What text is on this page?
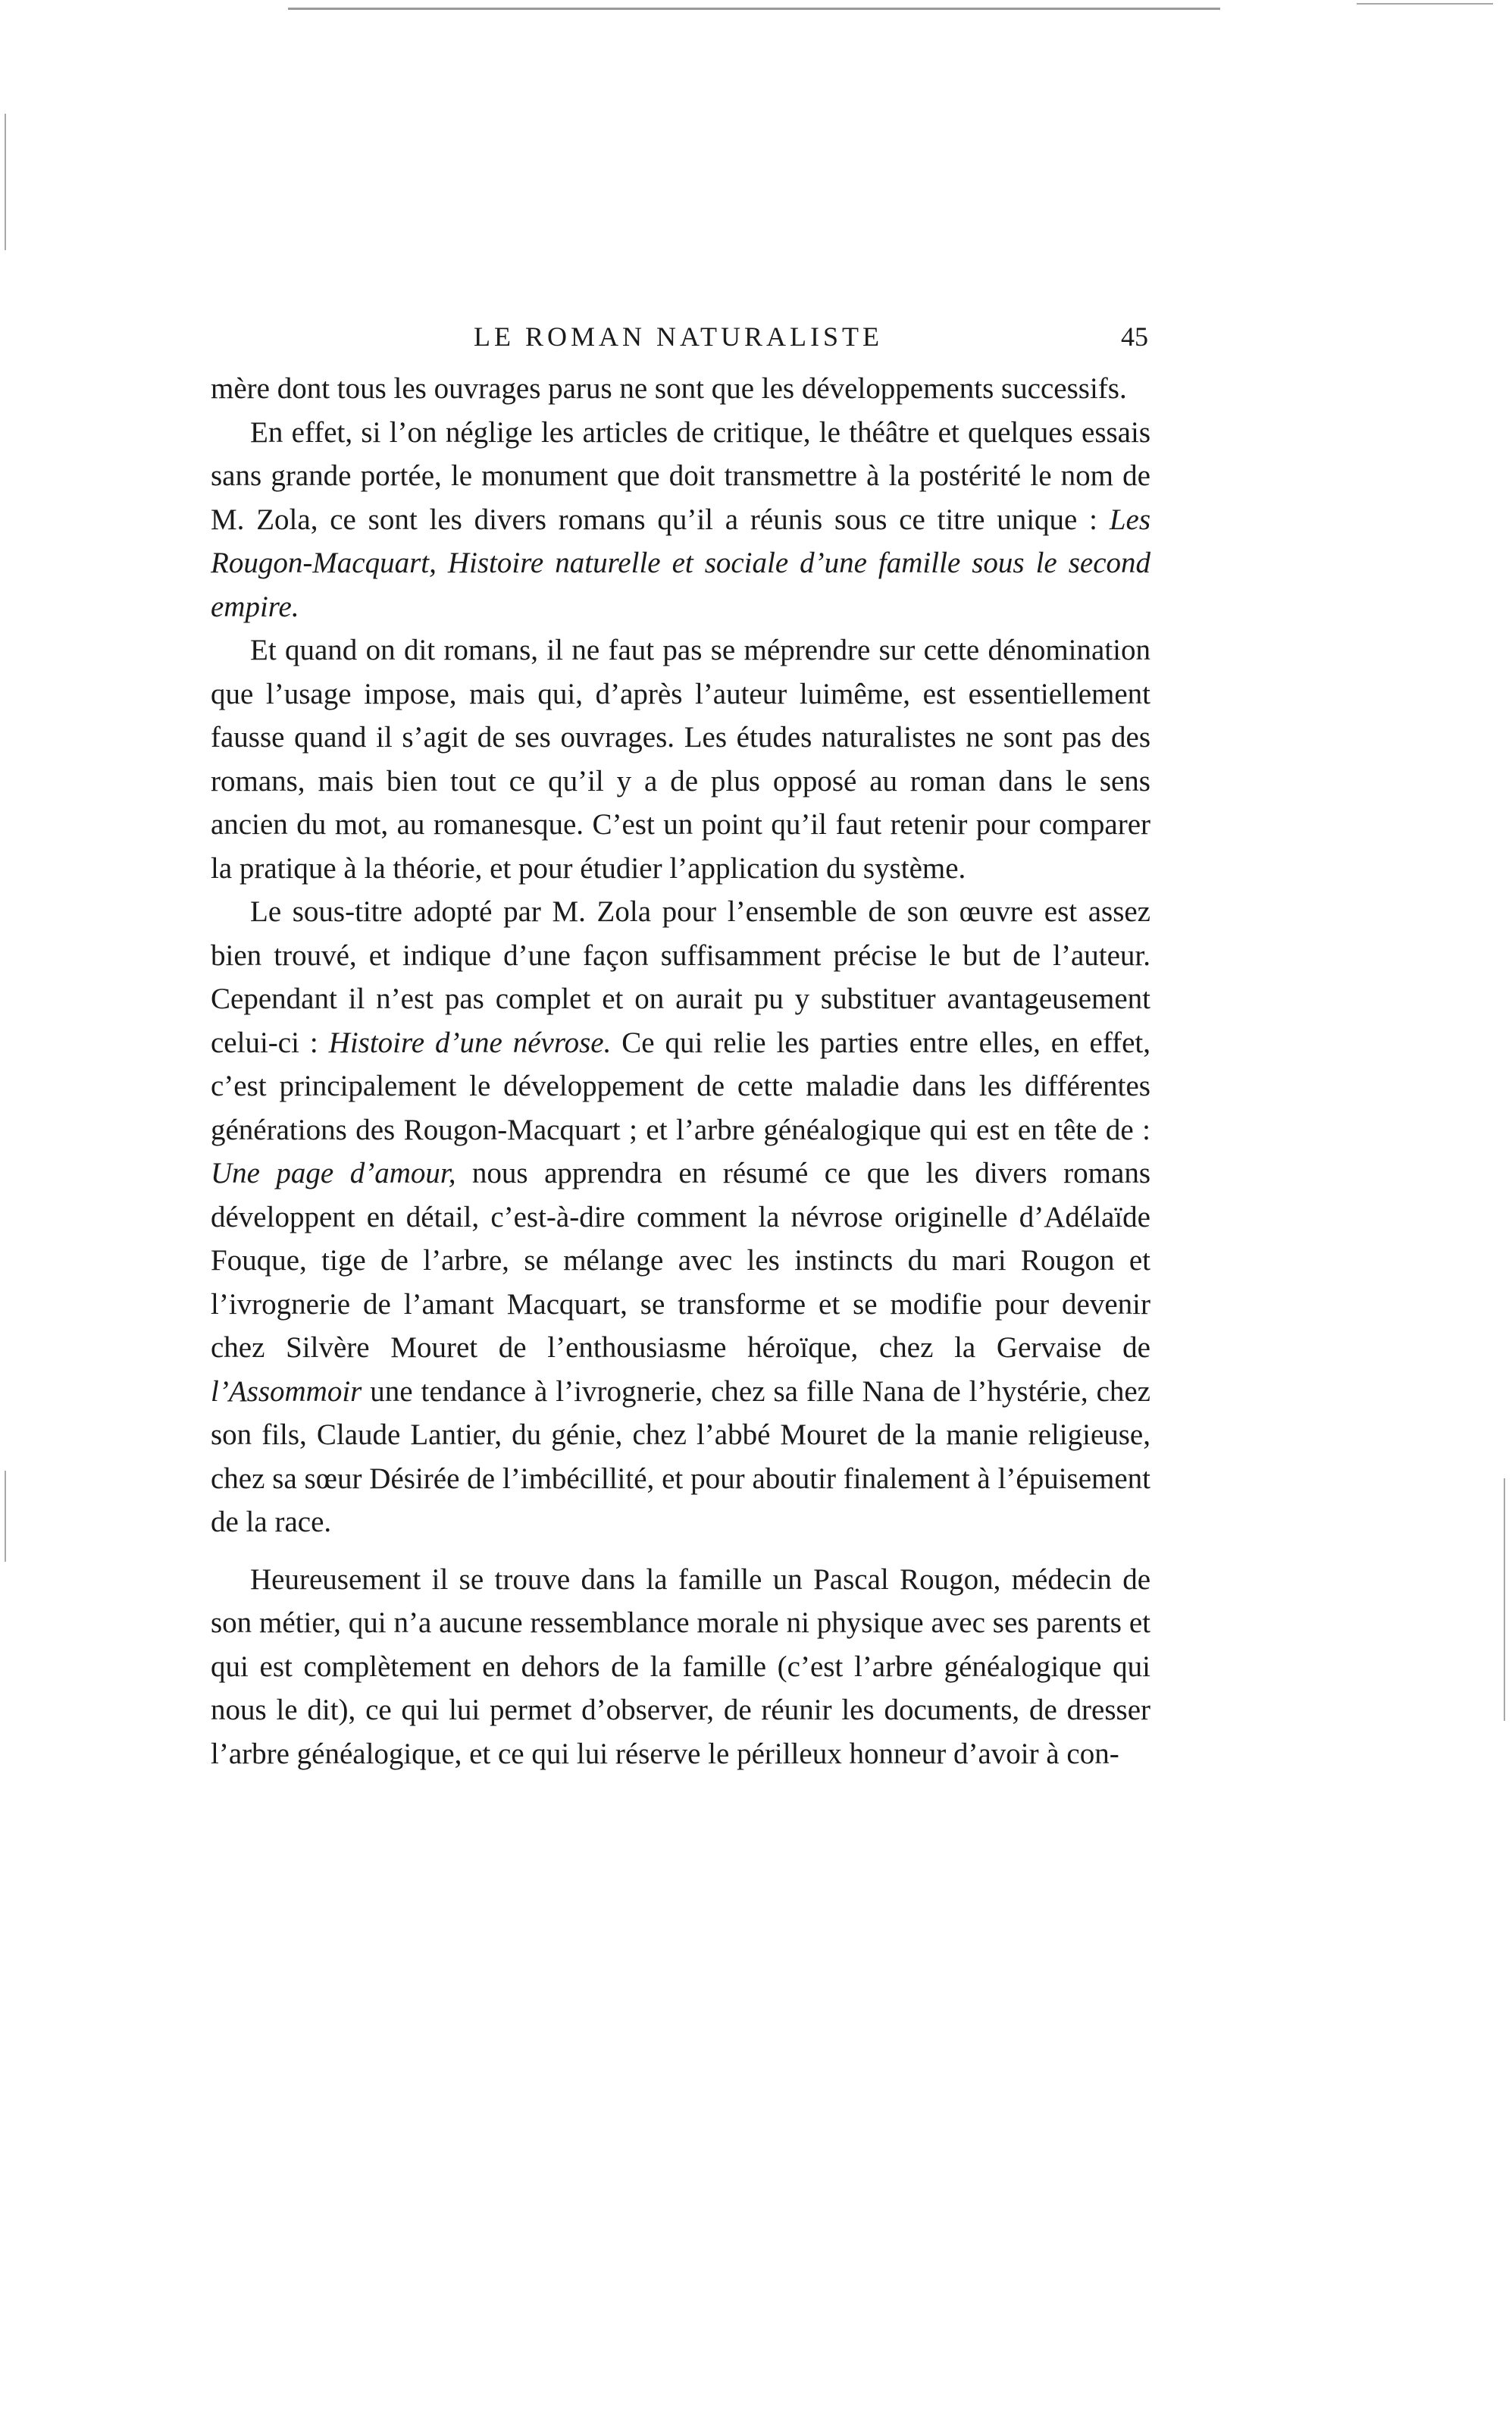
LE ROMAN NATURALISTE	45

mère dont tous les ouvrages parus ne sont que les développements successifs.

En effet, si l’on néglige les articles de critique, le théâtre et quelques essais sans grande portée, le monument que doit transmettre à la postérité le nom de M. Zola, ce sont les divers romans qu’il a réunis sous ce titre unique : Les Rougon-Macquart, Histoire naturelle et sociale d’une famille sous le second empire.

Et quand on dit romans, il ne faut pas se méprendre sur cette dénomination que l’usage impose, mais qui, d’après l’auteur luimême, est essentiellement fausse quand il s’agit de ses ouvrages. Les études naturalistes ne sont pas des romans, mais bien tout ce qu’il y a de plus opposé au roman dans le sens ancien du mot, au romanesque. C’est un point qu’il faut retenir pour comparer la pratique à la théorie, et pour étudier l’application du système.

Le sous-titre adopté par M. Zola pour l’ensemble de son œuvre est assez bien trouvé, et indique d’une façon suffisamment précise le but de l’auteur. Cependant il n’est pas complet et on aurait pu y substituer avantageusement celui-ci : Histoire d’une névrose. Ce qui relie les parties entre elles, en effet, c’est principalement le développement de cette maladie dans les différentes générations des Rougon-Macquart ; et l’arbre généalogique qui est en tête de : Une page d’amour, nous apprendra en résumé ce que les divers romans développent en détail, c’est-à-dire comment la névrose originelle d’Adélaïde Fouque, tige de l’arbre, se mélange avec les instincts du mari Rougon et l’ivrognerie de l’amant Macquart, se transforme et se modifie pour devenir chez Silvère Mouret de l’enthousiasme héroïque, chez la Gervaise de l’Assommoir une tendance à l’ivrognerie, chez sa fille Nana de l’hystérie, chez son fils, Claude Lantier, du génie, chez l’abbé Mouret de la manie religieuse, chez sa sœur Désirée de l’imbécillité, et pour aboutir finalement à l’épuisement de la race.

Heureusement il se trouve dans la famille un Pascal Rougon, médecin de son métier, qui n’a aucune ressemblance morale ni physique avec ses parents et qui est complètement en dehors de la famille (c’est l’arbre généalogique qui nous le dit), ce qui lui permet d’observer, de réunir les documents, de dresser l’arbre généalogique, et ce qui lui réserve le périlleux honneur d’avoir à con-
